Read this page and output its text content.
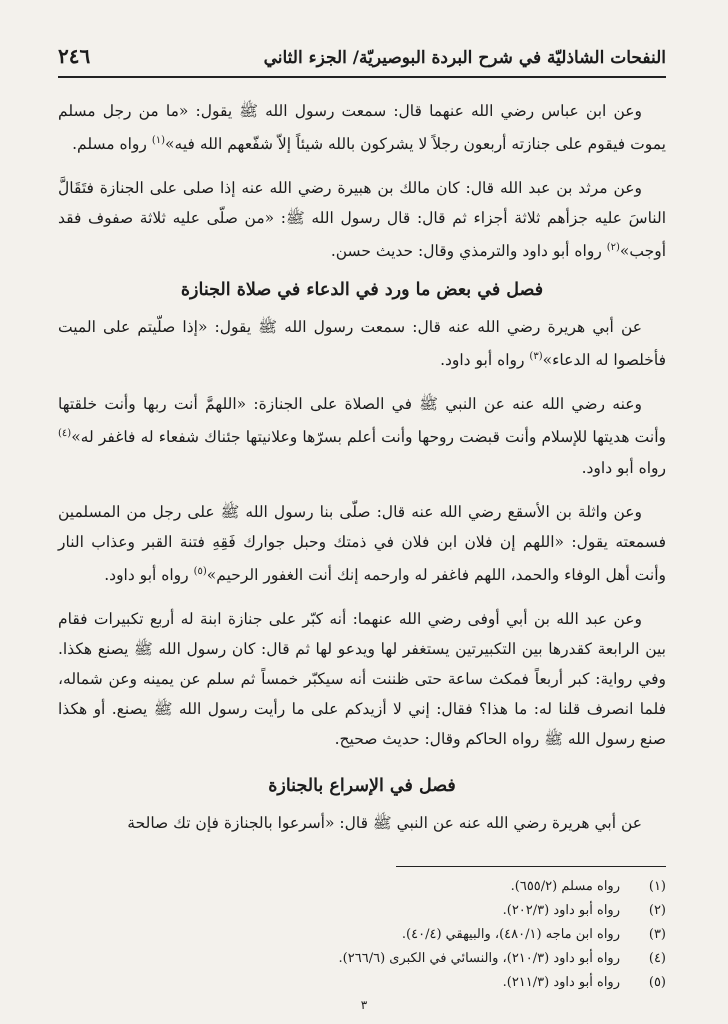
النفحات الشاذليّة في شرح البردة البوصيريّة/ الجزء الثاني
٢٤٦

وعن ابن عباس رضي الله عنهما قال: سمعت رسول الله ﷺ يقول: «ما من رجل مسلم يموت فيقوم على جنازته أربعون رجلاً لا يشركون بالله شيئاً إلاّ شفّعهم الله فيه»$^{(١)}$ رواه مسلم.

وعن مرثد بن عبد الله قال: كان مالك بن هبيرة رضي الله عنه إذا صلى على الجنازة فتَقَالَّ الناسَ عليه جزأهم ثلاثة أجزاء ثم قال: قال رسول الله ﷺ: «من صلّى عليه ثلاثة صفوف فقد أوجب»$^{(٢)}$ رواه أبو داود والترمذي وقال: حديث حسن.

فصل في بعض ما ورد في الدعاء في صلاة الجنازة

عن أبي هريرة رضي الله عنه قال: سمعت رسول الله ﷺ يقول: «إذا صلّيتم على الميت فأخلصوا له الدعاء»$^{(٣)}$ رواه أبو داود.

وعنه رضي الله عنه عن النبي ﷺ في الصلاة على الجنازة: «اللهمَّ أنت ربها وأنت خلقتها وأنت هديتها للإسلام وأنت قبضت روحها وأنت أعلم بسرّها وعلانيتها جئناك شفعاء له فاغفر له»$^{(٤)}$ رواه أبو داود.

وعن واثلة بن الأسقع رضي الله عنه قال: صلّى بنا رسول الله ﷺ على رجل من المسلمين فسمعته يقول: «اللهم إن فلان ابن فلان في ذمتك وحبل جوارك فَقِهِ فتنة القبر وعذاب النار وأنت أهل الوفاء والحمد، اللهم فاغفر له وارحمه إنك أنت الغفور الرحيم»$^{(٥)}$ رواه أبو داود.

وعن عبد الله بن أبي أوفى رضي الله عنهما: أنه كبّر على جنازة ابنة له أربع تكبيرات فقام بين الرابعة كقدرها بين التكبيرتين يستغفر لها ويدعو لها ثم قال: كان رسول الله ﷺ يصنع هكذا. وفي رواية: كبر أربعاً فمكث ساعة حتى ظننت أنه سيكبّر خمساً ثم سلم عن يمينه وعن شماله، فلما انصرف قلنا له: ما هذا؟ فقال: إني لا أزيدكم على ما رأيت رسول الله ﷺ يصنع. أو هكذا صنع رسول الله ﷺ رواه الحاكم وقال: حديث صحيح.

فصل في الإسراع بالجنازة

عن أبي هريرة رضي الله عنه عن النبي ﷺ قال: «أسرعوا بالجنازة فإن تك صالحة

(١)
رواه مسلم (٦٥٥/٢).
(٢)
رواه أبو داود (٢٠٢/٣).
(٣)
رواه ابن ماجه (٤٨٠/١)، والبيهقي (٤٠/٤).
(٤)
رواه أبو داود (٢١٠/٣)، والنسائي في الكبرى (٢٦٦/٦).
(٥)
رواه أبو داود (٢١١/٣).
٣
